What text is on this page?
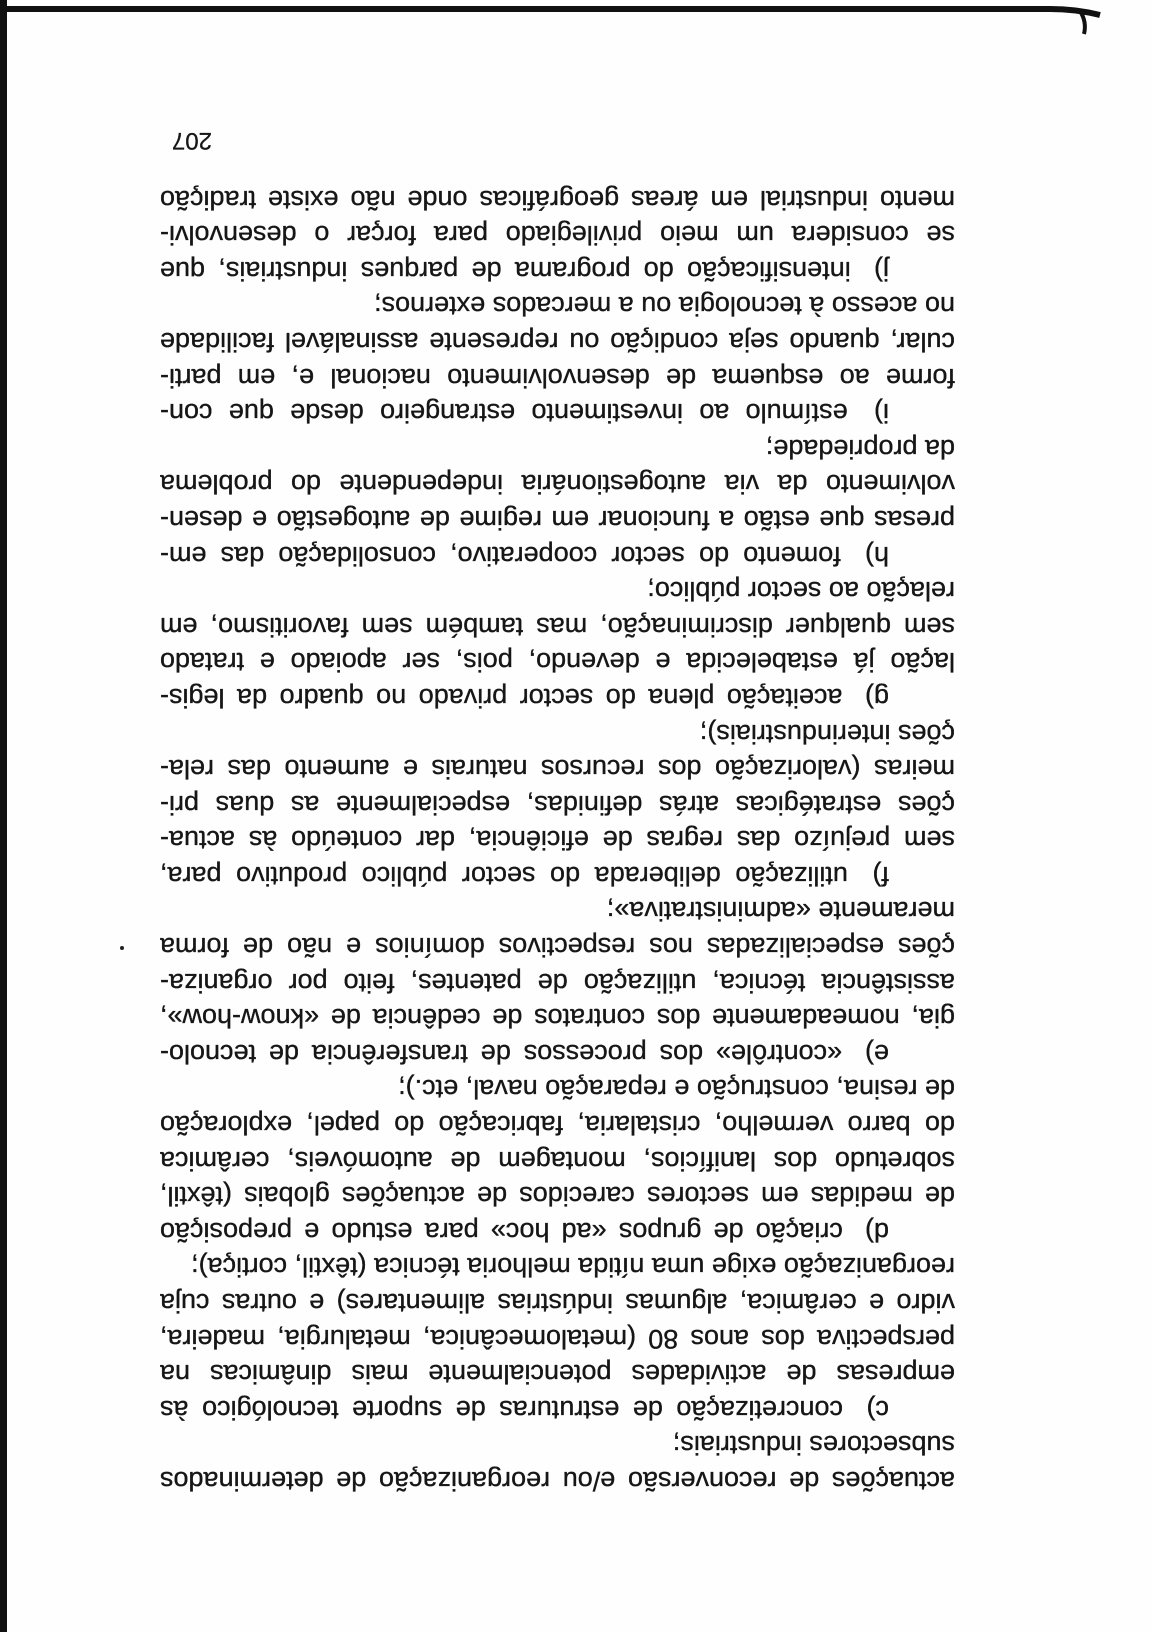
actuações de reconversão e/ou reorganização de determinados
subsectores industriais;
c) concretização de estruturas de suporte tecnológico às
empresas de actividades potencialmente mais dinâmicas na
perspectiva dos anos 80 (metalomecânica, metalurgia, madeira,
vidro e cerâmica, algumas indústrias alimentares) e outras cuja
reorganização exige uma nítida melhoria técnica (têxtil, cortiça);
d) criação de grupos «ad hoc» para estudo e preposição
de medidas em sectores carecidos de actuações globais (têxtil,
sobretudo dos lanifícios, montagem de automóveis, cerâmica
do barro vermelho, cristalaria, fabricação do papel, exploração
de resina, construção e reparação naval, etc.);
e) «contrôle» dos processos de transferência de tecnolo-
gia, nomeadamente dos contratos de cedência de «know-how»,
assistência técnica, utilização de patentes, feito por organiza-
ções especializadas nos respectivos domínios e não de forma
meramente «administrativa»;
f) utilização deliberada do sector público produtivo para,
sem prejuízo das regras de eficiência, dar conteúdo às actua-
ções estratégicas atrás definidas, especialmente as duas pri-
meiras (valorização dos recursos naturais e aumento das rela-
ções interindustriais);
g) aceitação plena do sector privado no quadro da legis-
lação já estabelecida e devendo, pois, ser apoiado e tratado
sem qualquer discriminação, mas também sem favoritismo, em
relação ao sector público;
h) fomento do sector cooperativo, consolidação das em-
presas que estão a funcionar em regime de autogestão e desen-
volvimento da via autogestionária independente do problema
da propriedade;
i) estímulo ao investimento estrangeiro desde que con-
forme ao esquema de desenvolvimento nacional e, em parti-
cular, quando seja condição ou represente assinalável facilidade
no acesso à tecnologia ou a mercados externos;
j) intensificação do programa de parques industriais, que
se considera um meio privilegiado para forçar o desenvolvi-
mento industrial em áreas geográficas onde não existe tradição
207
